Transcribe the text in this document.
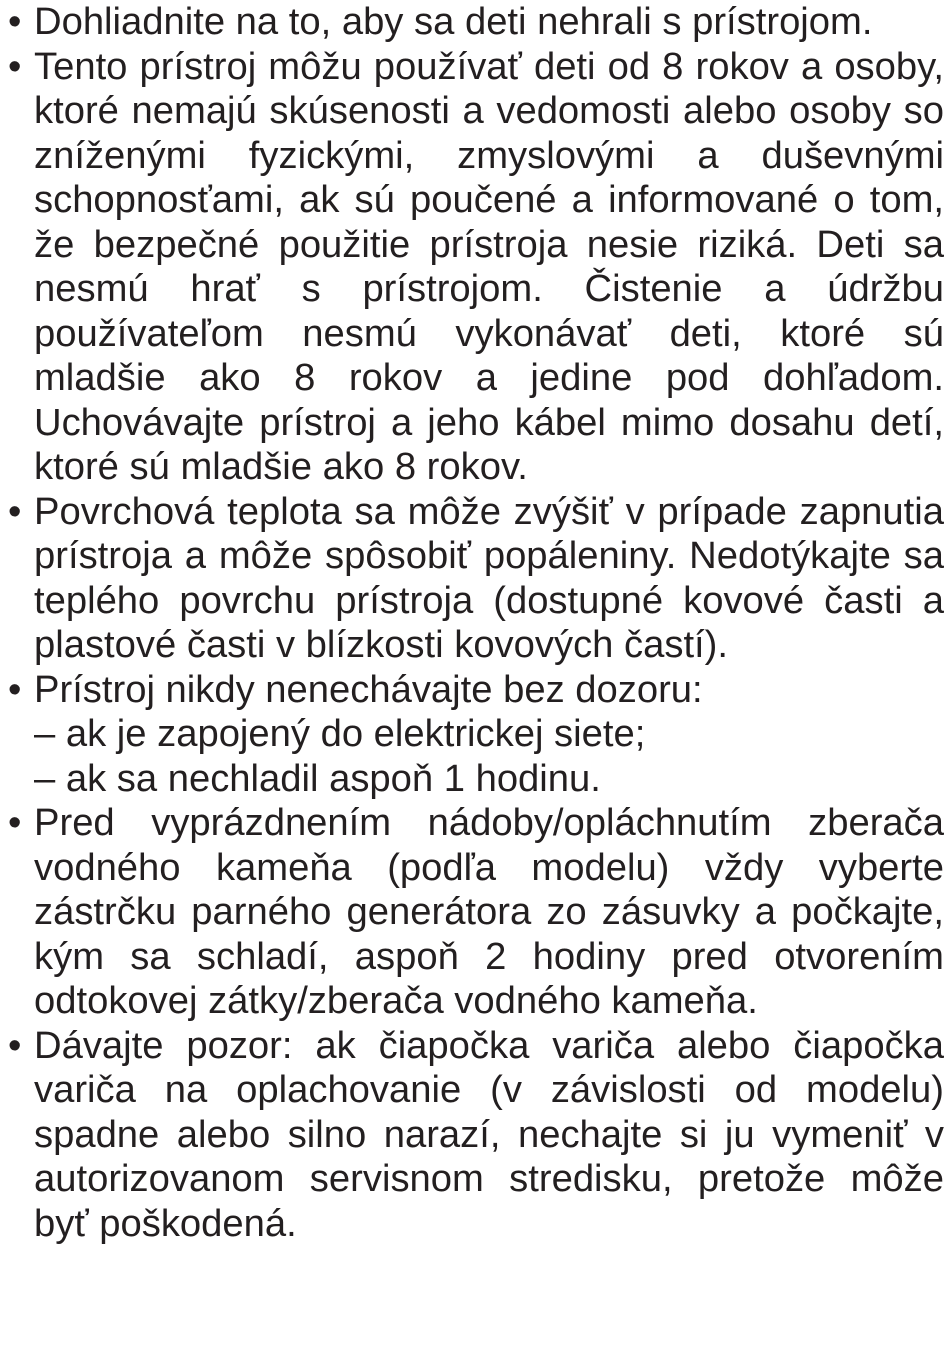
• Dohliadnite na to, aby sa deti nehrali s prístrojom.
• Tento prístroj môžu používať deti od 8 rokov a osoby, ktoré nemajú skúsenosti a vedomosti alebo osoby so zníženými fyzickými, zmyslovými a duševnými schopnosťami, ak sú poučené a informované o tom, že bezpečné použitie prístroja nesie riziká. Deti sa nesmú hrať s prístrojom. Čistenie a údržbu používateľom nesmú vykonávať deti, ktoré sú mladšie ako 8 rokov a jedine pod dohľadom. Uchovávajte prístroj a jeho kábel mimo dosahu detí, ktoré sú mladšie ako 8 rokov.
• Povrchová teplota sa môže zvýšiť v prípade zapnutia prístroja a môže spôsobiť popáleniny. Nedotýkajte sa teplého povrchu prístroja (dostupné kovové časti a plastové časti v blízkosti kovových častí).
• Prístroj nikdy nenechávajte bez dozoru:
– ak je zapojený do elektrickej siete;
– ak sa nechladil aspoň 1 hodinu.
• Pred vyprázdnením nádoby/opláchnutím zberača vodného kameňa (podľa modelu) vždy vyberte zástrčku parného generátora zo zásuvky a počkajte, kým sa schladí, aspoň 2 hodiny pred otvorením odtokovej zátky/zberača vodného kameňa.
• Dávajte pozor: ak čiapočka variča alebo čiapočka variča na oplachovanie (v závislosti od modelu) spadne alebo silno narazí, nechajte si ju vymeniť v autorizovanom servisnom stredisku, pretože môže byť poškodená.
